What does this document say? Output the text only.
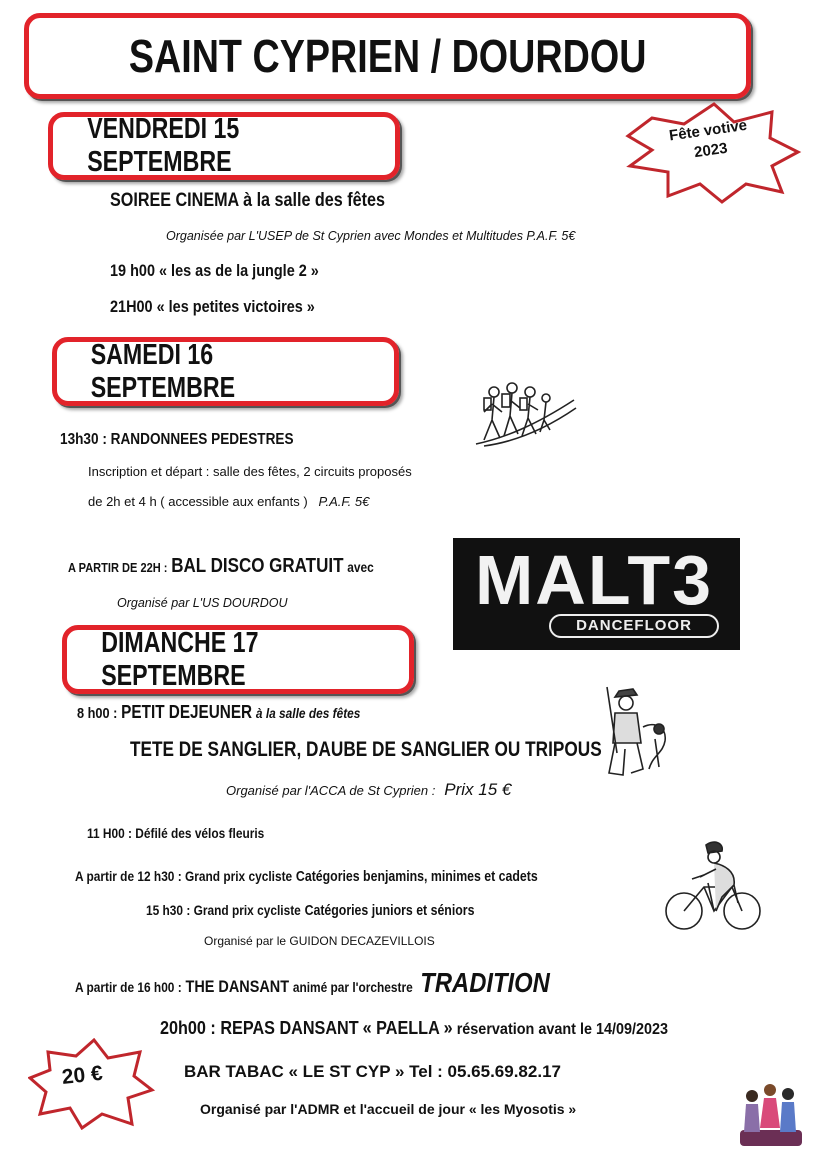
SAINT CYPRIEN / DOURDOU
Fête votive
2023
VENDREDI 15 SEPTEMBRE
SOIREE CINEMA à la salle des fêtes
Organisée par L'USEP de St Cyprien avec Mondes et Multitudes P.A.F. 5€
19 h00 « les as de la jungle 2 »
21H00 « les petites victoires »
SAMEDI 16 SEPTEMBRE
13h30 : RANDONNEES PEDESTRES
Inscription et départ : salle des fêtes, 2 circuits proposés
de 2h et 4 h ( accessible aux enfants ) P.A.F. 5€
A PARTIR DE 22H : BAL DISCO GRATUIT avec
Organisé par L'US DOURDOU	MALT3
DANCEFLOOR
DIMANCHE 17 SEPTEMBRE
8 h00 : PETIT DEJEUNER à la salle des fêtes
TETE DE SANGLIER, DAUBE DE SANGLIER OU TRIPOUS
Organisé par l'ACCA de St Cyprien : Prix 15 €
11 H00 : Défilé des vélos fleuris
A partir de 12 h30 : Grand prix cycliste Catégories benjamins, minimes et cadets
15 h30 : Grand prix cycliste Catégories juniors et séniors
Organisé par le GUIDON DECAZEVILLOIS
A partir de 16 h00 : THE DANSANT animé par l'orchestre TRADITION
20h00 : REPAS DANSANT « PAELLA » réservation avant le 14/09/2023
BAR TABAC « LE ST CYP » Tel : 05.65.69.82.17
Organisé par l'ADMR et l'accueil de jour « les Myosotis »
20 €
